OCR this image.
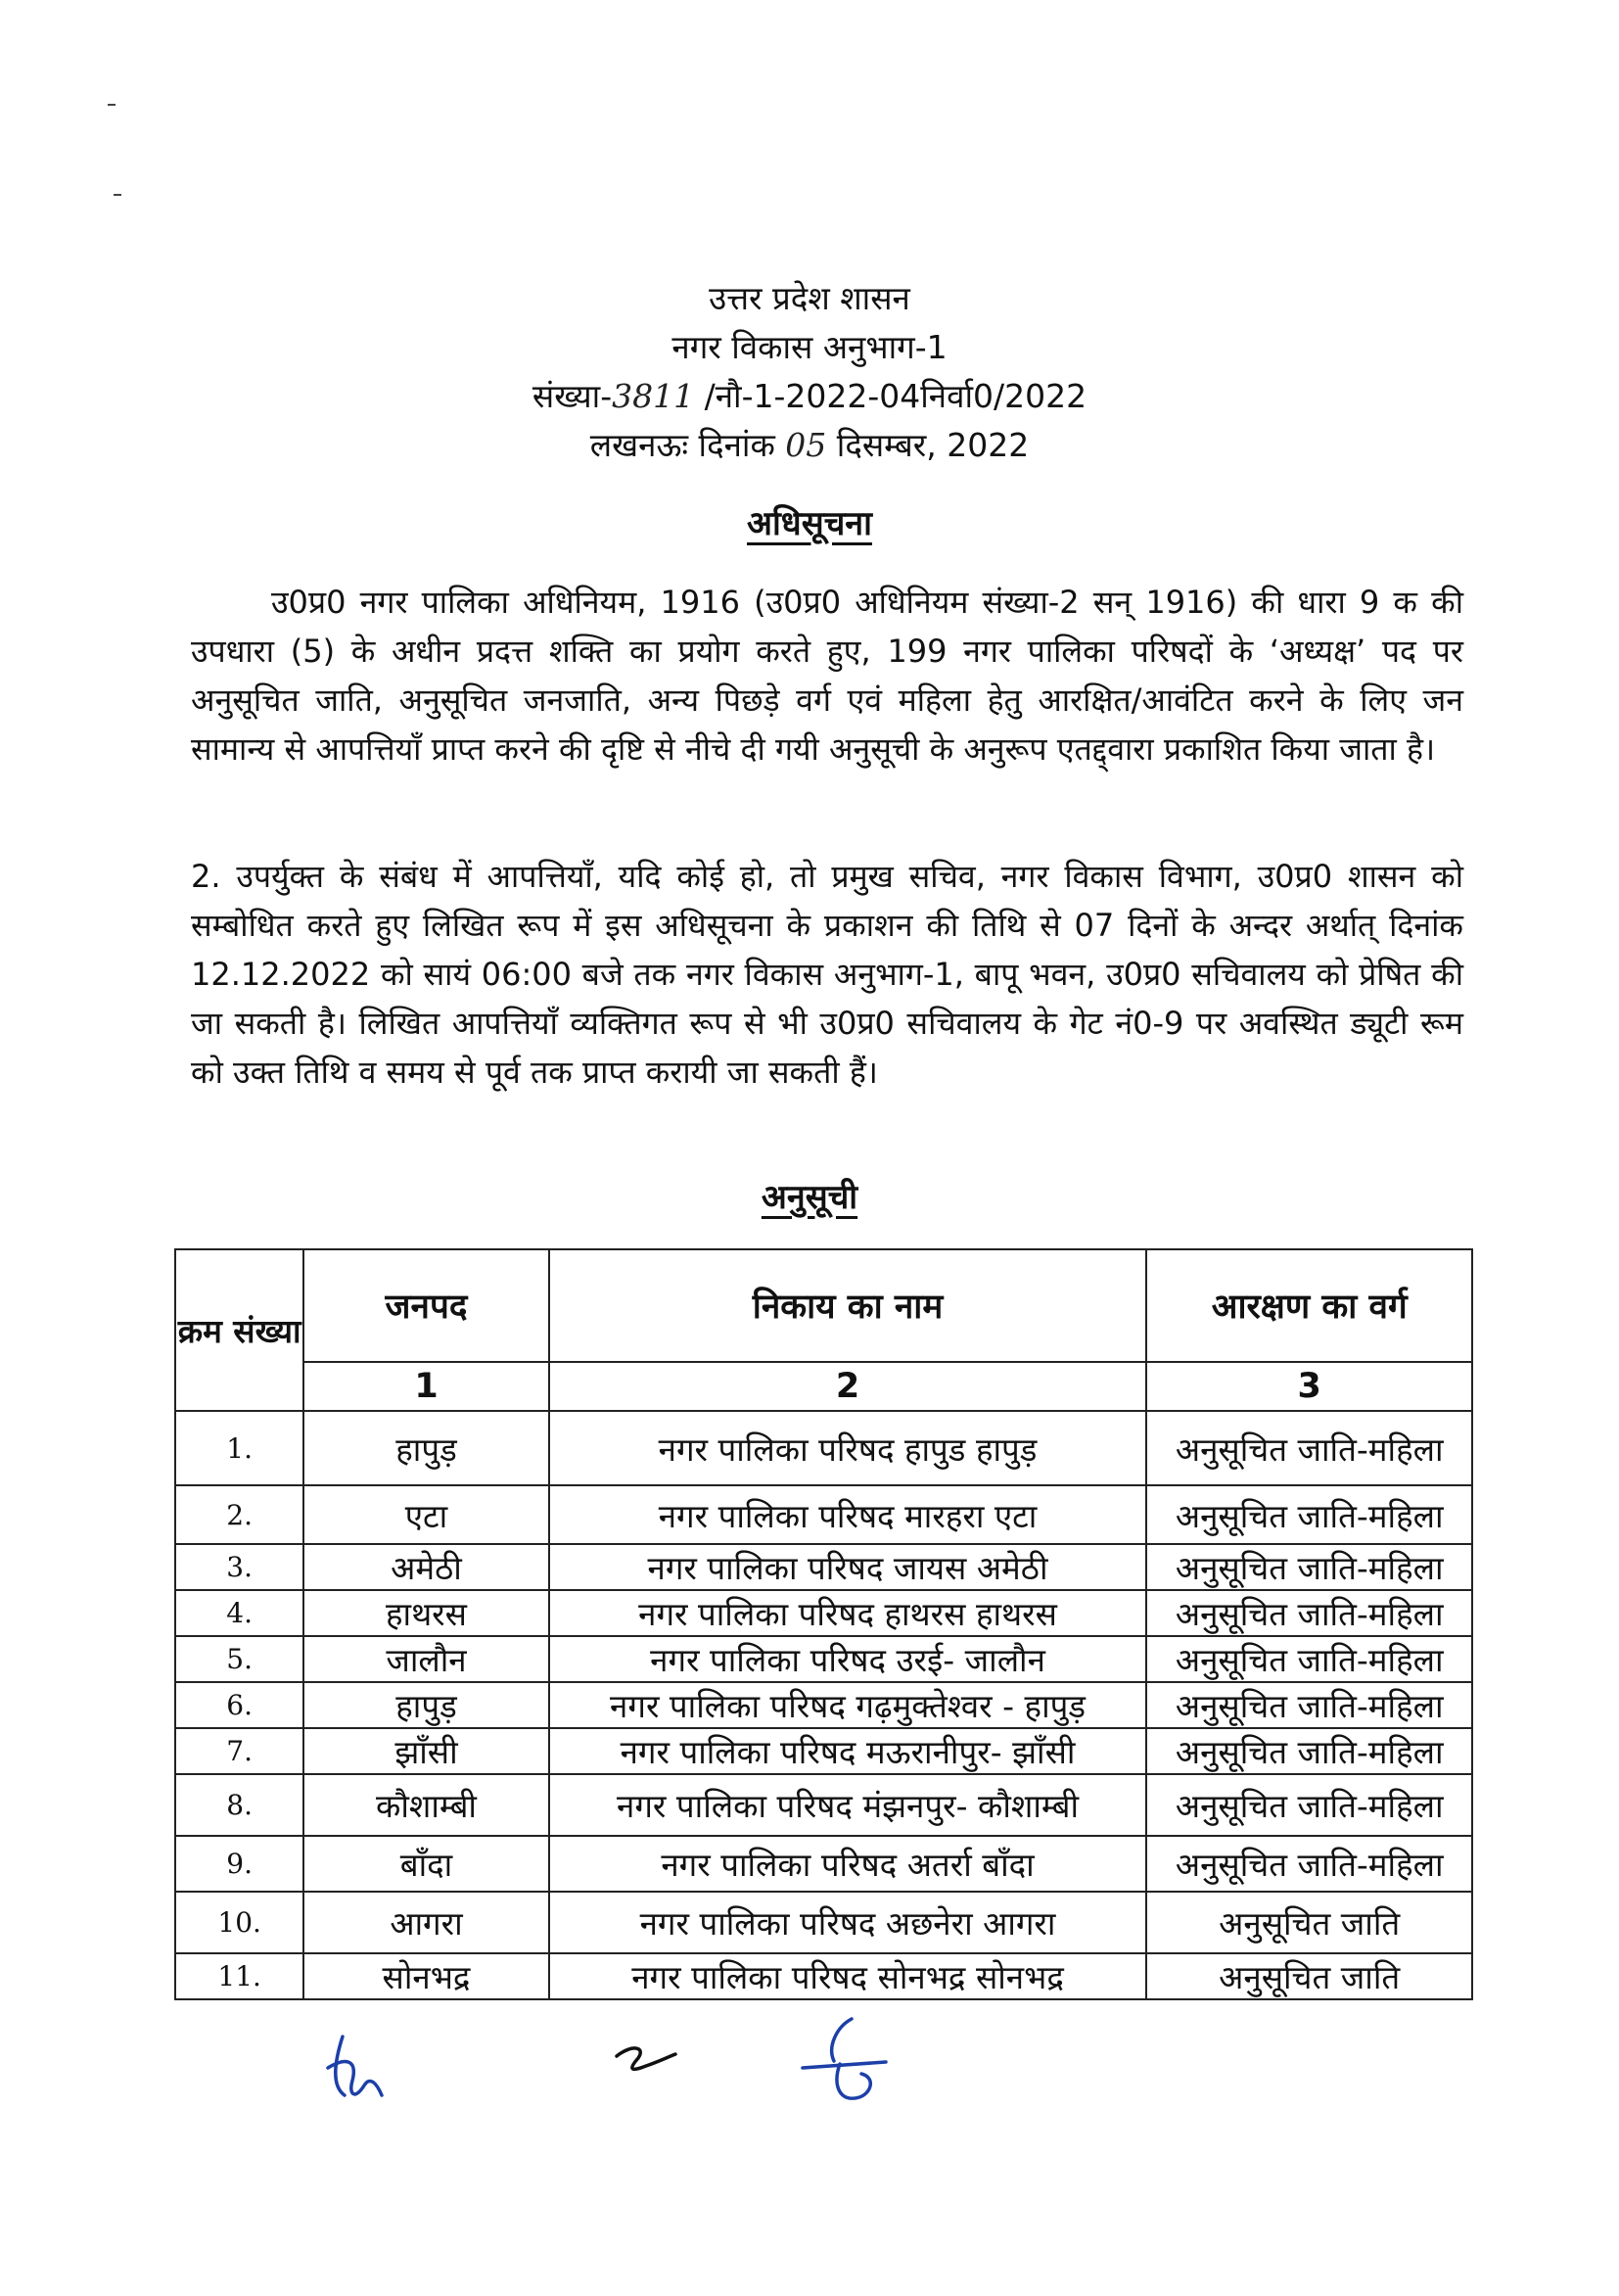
उत्तर प्रदेश शासन
नगर विकास अनुभाग-1
संख्या-3811 /नौ-1-2022-04निर्वा0/2022
लखनऊः दिनांक 05 दिसम्बर, 2022
अधिसूचना
उ0प्र0 नगर पालिका अधिनियम, 1916 (उ0प्र0 अधिनियम संख्या-2 सन् 1916) की धारा 9 क की उपधारा (5) के अधीन प्रदत्त शक्ति का प्रयोग करते हुए, 199 नगर पालिका परिषदों के ‘अध्यक्ष’ पद पर अनुसूचित जाति, अनुसूचित जनजाति, अन्य पिछड़े वर्ग एवं महिला हेतु आरक्षित/आवंटित करने के लिए जन सामान्य से आपत्तियाँ प्राप्त करने की दृष्टि से नीचे दी गयी अनुसूची के अनुरूप एतद्द्वारा प्रकाशित किया जाता है।
2. उपर्युक्त के संबंध में आपत्तियाँ, यदि कोई हो, तो प्रमुख सचिव, नगर विकास विभाग, उ0प्र0 शासन को सम्बोधित करते हुए लिखित रूप में इस अधिसूचना के प्रकाशन की तिथि से 07 दिनों के अन्दर अर्थात् दिनांक 12.12.2022 को सायं 06:00 बजे तक नगर विकास अनुभाग-1, बापू भवन, उ0प्र0 सचिवालय को प्रेषित की जा सकती है। लिखित आपत्तियाँ व्यक्तिगत रूप से भी उ0प्र0 सचिवालय के गेट नं0-9 पर अवस्थित ड्यूटी रूम को उक्त तिथि व समय से पूर्व तक प्राप्त करायी जा सकती हैं।
अनुसूची
क्रम संख्या	जनपद	निकाय का नाम	आरक्षण का वर्ग
	1	2	3
1.	हापुड़	नगर पालिका परिषद हापुड हापुड़	अनुसूचित जाति-महिला
2.	एटा	नगर पालिका परिषद मारहरा एटा	अनुसूचित जाति-महिला
3.	अमेठी	नगर पालिका परिषद जायस अमेठी	अनुसूचित जाति-महिला
4.	हाथरस	नगर पालिका परिषद हाथरस हाथरस	अनुसूचित जाति-महिला
5.	जालौन	नगर पालिका परिषद उरई- जालौन	अनुसूचित जाति-महिला
6.	हापुड़	नगर पालिका परिषद गढ़मुक्तेश्वर - हापुड़	अनुसूचित जाति-महिला
7.	झाँसी	नगर पालिका परिषद मऊरानीपुर- झाँसी	अनुसूचित जाति-महिला
8.	कौशाम्बी	नगर पालिका परिषद मंझनपुर- कौशाम्बी	अनुसूचित जाति-महिला
9.	बाँदा	नगर पालिका परिषद अतर्रा बाँदा	अनुसूचित जाति-महिला
10.	आगरा	नगर पालिका परिषद अछनेरा आगरा	अनुसूचित जाति
11.	सोनभद्र	नगर पालिका परिषद सोनभद्र सोनभद्र	अनुसूचित जाति
